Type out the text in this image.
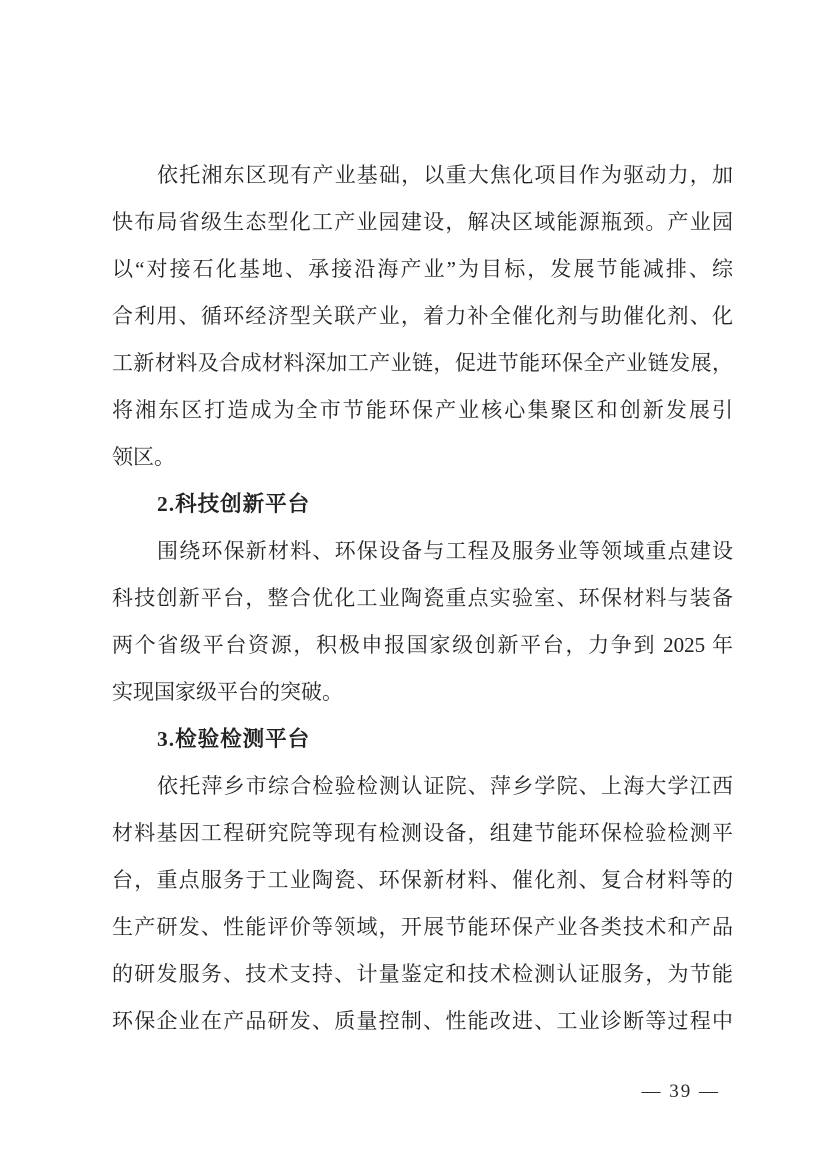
依托湘东区现有产业基础，以重大焦化项目作为驱动力，加
快布局省级生态型化工产业园建设，解决区域能源瓶颈。产业园
以“对接石化基地、承接沿海产业”为目标，发展节能减排、综
合利用、循环经济型关联产业，着力补全催化剂与助催化剂、化
工新材料及合成材料深加工产业链，促进节能环保全产业链发展，
将湘东区打造成为全市节能环保产业核心集聚区和创新发展引
领区。
2.科技创新平台
围绕环保新材料、环保设备与工程及服务业等领域重点建设
科技创新平台，整合优化工业陶瓷重点实验室、环保材料与装备
两个省级平台资源，积极申报国家级创新平台，力争到 2025 年
实现国家级平台的突破。
3.检验检测平台
依托萍乡市综合检验检测认证院、萍乡学院、上海大学江西
材料基因工程研究院等现有检测设备，组建节能环保检验检测平
台，重点服务于工业陶瓷、环保新材料、催化剂、复合材料等的
生产研发、性能评价等领域，开展节能环保产业各类技术和产品
的研发服务、技术支持、计量鉴定和技术检测认证服务，为节能
环保企业在产品研发、质量控制、性能改进、工业诊断等过程中
— 39 —
